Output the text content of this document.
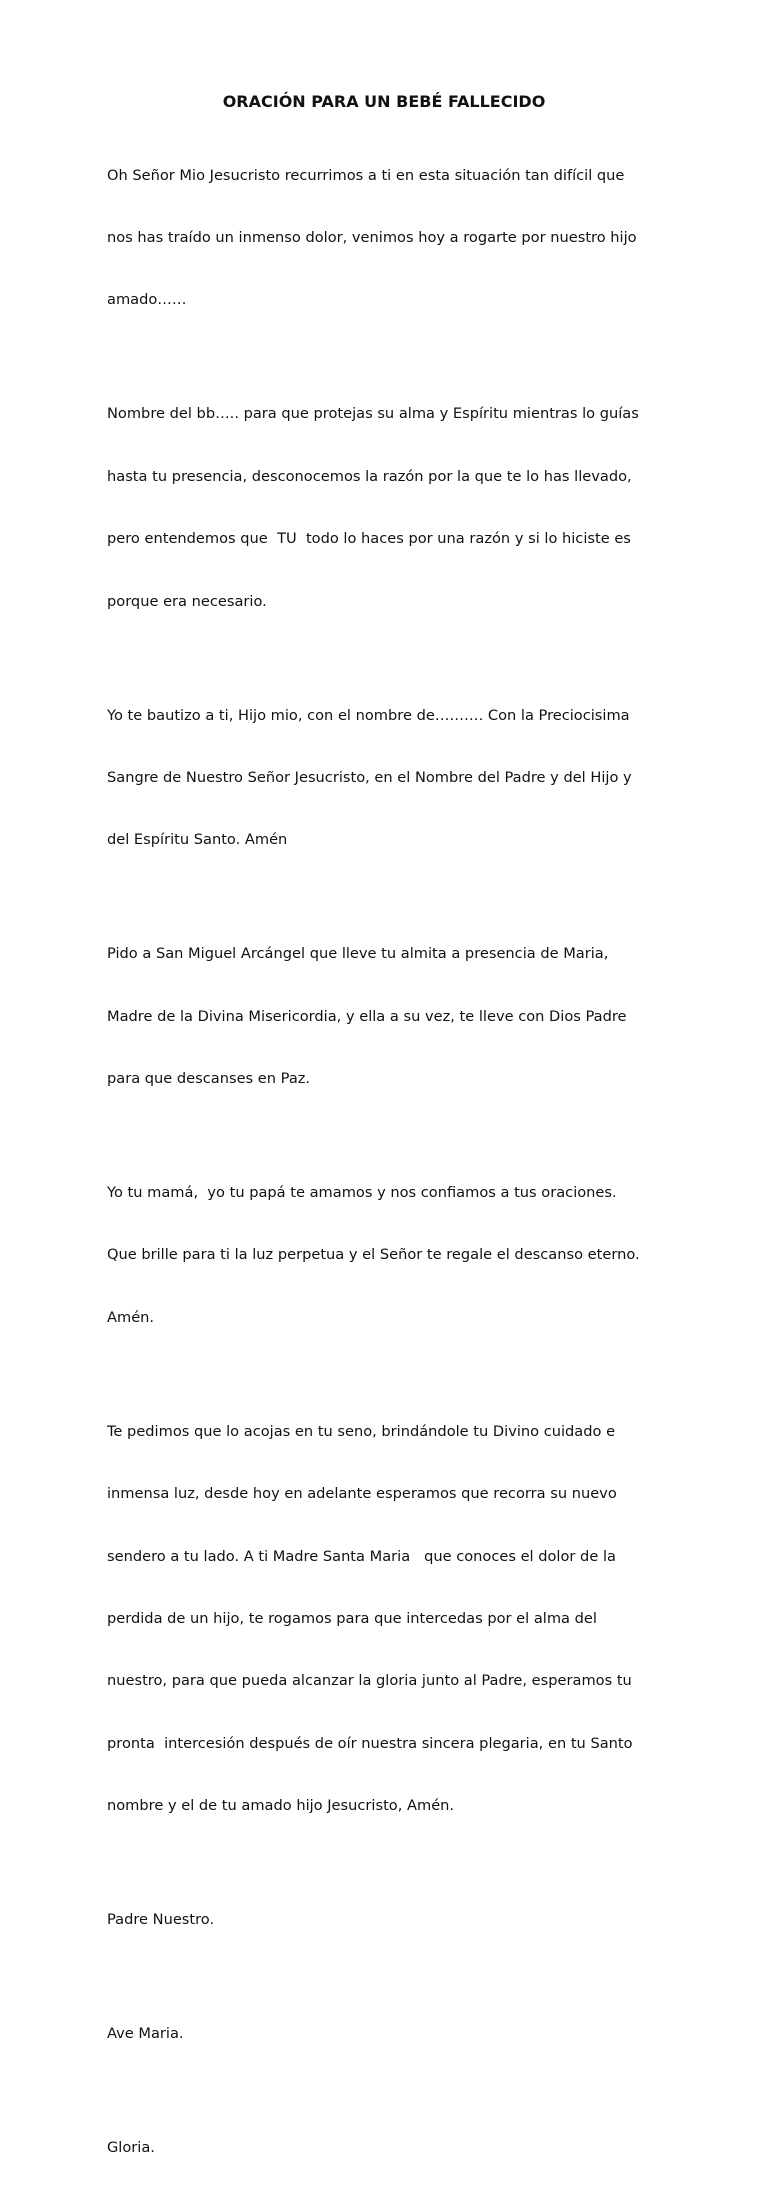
ORACIÓN PARA UN BEBÉ FALLECIDO

Oh Señor Mio Jesucristo recurrimos a ti en esta situación tan difícil que

nos has traído un inmenso dolor, venimos hoy a rogarte por nuestro hijo

amado……

Nombre del bb….. para que protejas su alma y Espíritu mientras lo guías

hasta tu presencia, desconocemos la razón por la que te lo has llevado,

pero entendemos que  TU  todo lo haces por una razón y si lo hiciste es

porque era necesario.

Yo te bautizo a ti, Hijo mio, con el nombre de………. Con la Preciocisima

Sangre de Nuestro Señor Jesucristo, en el Nombre del Padre y del Hijo y

del Espíritu Santo. Amén

Pido a San Miguel Arcángel que lleve tu almita a presencia de Maria,

Madre de la Divina Misericordia, y ella a su vez, te lleve con Dios Padre

para que descanses en Paz.

Yo tu mamá,  yo tu papá te amamos y nos confiamos a tus oraciones.

Que brille para ti la luz perpetua y el Señor te regale el descanso eterno.

Amén.

Te pedimos que lo acojas en tu seno, brindándole tu Divino cuidado e

inmensa luz, desde hoy en adelante esperamos que recorra su nuevo

sendero a tu lado. A ti Madre Santa Maria   que conoces el dolor de la

perdida de un hijo, te rogamos para que intercedas por el alma del

nuestro, para que pueda alcanzar la gloria junto al Padre, esperamos tu

pronta  intercesión después de oír nuestra sincera plegaria, en tu Santo

nombre y el de tu amado hijo Jesucristo, Amén.

Padre Nuestro.

Ave Maria.

Gloria.
